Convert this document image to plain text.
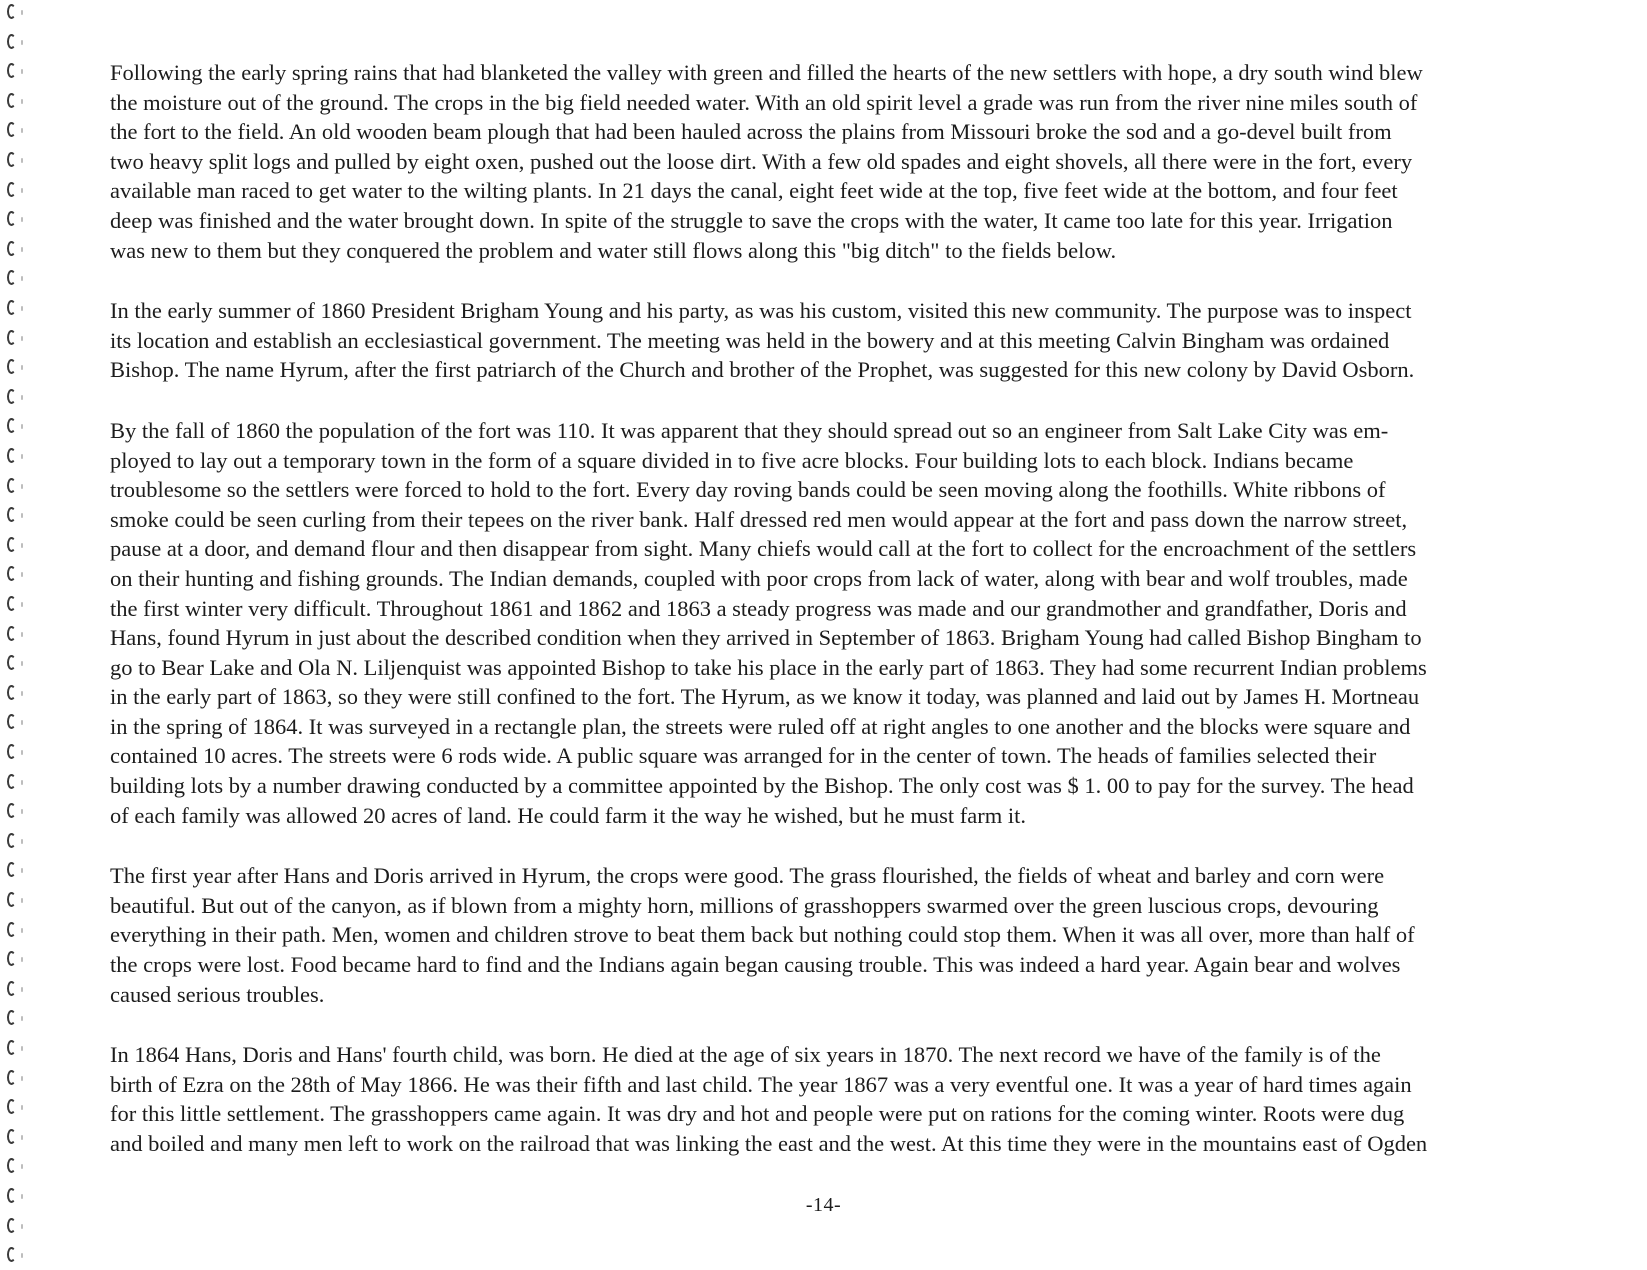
Following the early spring rains that had blanketed the valley with green and filled the hearts of the new settlers with hope, a dry south wind blew
the moisture out of the ground. The crops in the big field needed water. With an old spirit level a grade was run from the river nine miles south of
the fort to the field. An old wooden beam plough that had been hauled across the plains from Missouri broke the sod and a go-devel built from
two heavy split logs and pulled by eight oxen, pushed out the loose dirt. With a few old spades and eight shovels, all there were in the fort, every
available man raced to get water to the wilting plants. In 21 days the canal, eight feet wide at the top, five feet wide at the bottom, and four feet
deep was finished and the water brought down. In spite of the struggle to save the crops with the water, It came too late for this year. Irrigation
was new to them but they conquered the problem and water still flows along this "big ditch" to the fields below.
In the early summer of 1860 President Brigham Young and his party, as was his custom, visited this new community. The purpose was to inspect
its location and establish an ecclesiastical government. The meeting was held in the bowery and at this meeting Calvin Bingham was ordained
Bishop. The name Hyrum, after the first patriarch of the Church and brother of the Prophet, was suggested for this new colony by David Osborn.
By the fall of 1860 the population of the fort was 110. It was apparent that they should spread out so an engineer from Salt Lake City was em-
ployed to lay out a temporary town in the form of a square divided in to five acre blocks. Four building lots to each block. Indians became
troublesome so the settlers were forced to hold to the fort. Every day roving bands could be seen moving along the foothills. White ribbons of
smoke could be seen curling from their tepees on the river bank. Half dressed red men would appear at the fort and pass down the narrow street,
pause at a door, and demand flour and then disappear from sight. Many chiefs would call at the fort to collect for the encroachment of the settlers
on their hunting and fishing grounds. The Indian demands, coupled with poor crops from lack of water, along with bear and wolf troubles, made
the first winter very difficult. Throughout 1861 and 1862 and 1863 a steady progress was made and our grandmother and grandfather, Doris and
Hans, found Hyrum in just about the described condition when they arrived in September of 1863. Brigham Young had called Bishop Bingham to
go to Bear Lake and Ola N. Liljenquist was appointed Bishop to take his place in the early part of 1863. They had some recurrent Indian problems
in the early part of 1863, so they were still confined to the fort. The Hyrum, as we know it today, was planned and laid out by James H. Mortneau
in the spring of 1864. It was surveyed in a rectangle plan, the streets were ruled off at right angles to one another and the blocks were square and
contained 10 acres. The streets were 6 rods wide. A public square was arranged for in the center of town. The heads of families selected their
building lots by a number drawing conducted by a committee appointed by the Bishop. The only cost was $ 1. 00 to pay for the survey. The head
of each family was allowed 20 acres of land. He could farm it the way he wished, but he must farm it.
The first year after Hans and Doris arrived in Hyrum, the crops were good. The grass flourished, the fields of wheat and barley and corn were
beautiful. But out of the canyon, as if blown from a mighty horn, millions of grasshoppers swarmed over the green luscious crops, devouring
everything in their path. Men, women and children strove to beat them back but nothing could stop them. When it was all over, more than half of
the crops were lost. Food became hard to find and the Indians again began causing trouble. This was indeed a hard year. Again bear and wolves
caused serious troubles.
In 1864 Hans, Doris and Hans' fourth child, was born. He died at the age of six years in 1870. The next record we have of the family is of the
birth of Ezra on the 28th of May 1866. He was their fifth and last child. The year 1867 was a very eventful one. It was a year of hard times again
for this little settlement. The grasshoppers came again. It was dry and hot and people were put on rations for the coming winter. Roots were dug
and boiled and many men left to work on the railroad that was linking the east and the west. At this time they were in the mountains east of Ogden
-14-
